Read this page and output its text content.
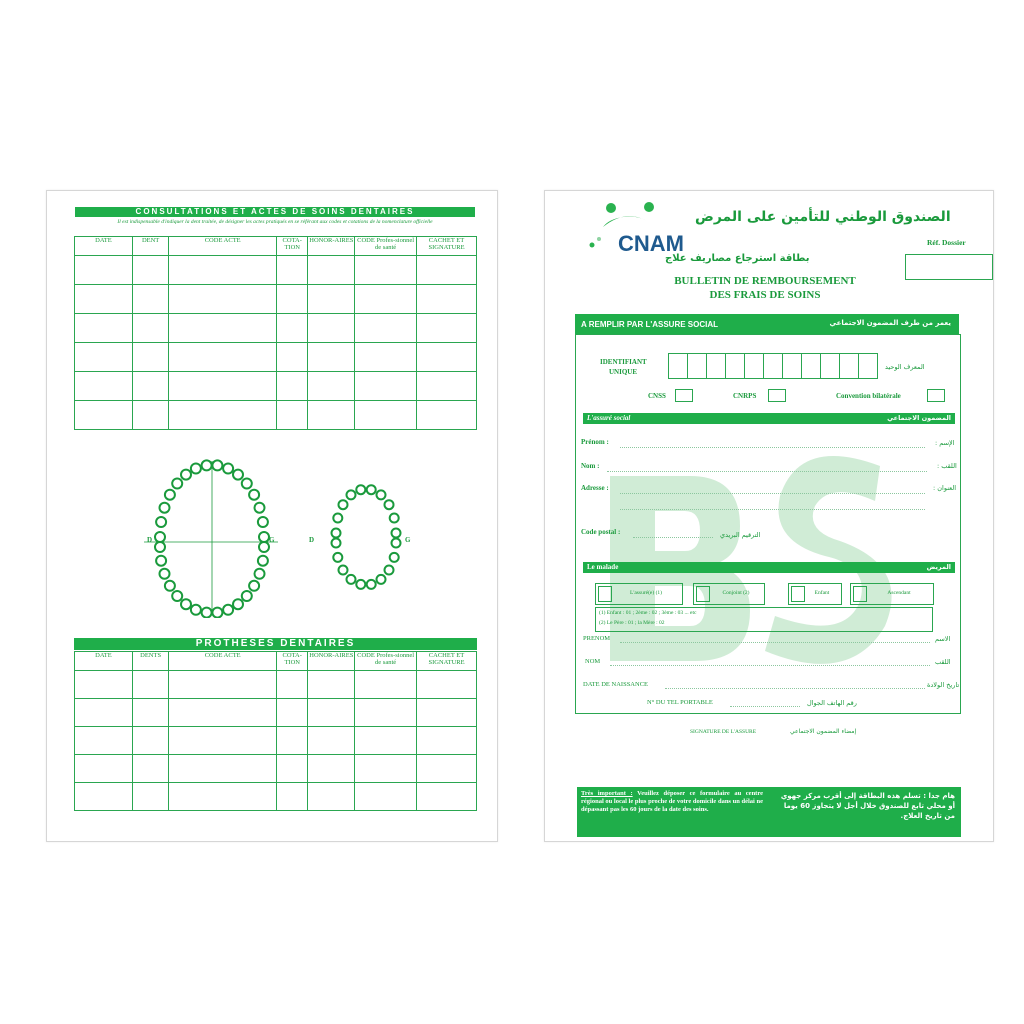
CONSULTATIONS ET ACTES DE SOINS DENTAIRES
Il est indispensable d'indiquer la dent traitée, de désigner les actes pratiqués en se référant aux codes et cotations de la nomenclature officielle
DATE	DENT	CODE ACTE	COTA-TION	HONOR-AIRES	CODE Profes-sionnel de santé	CACHET ET SIGNATURE

D	G	D	G
PROTHESES DENTAIRES
DATE	DENTS	CODE ACTE	COTA-TION	HONOR-AIRES	CODE Profes-sionnel de santé	CACHET ET SIGNATURE

CNAM
الصندوق الوطني للتأمين على المرض
Réf. Dossier
بطاقة استرجاع مصاريف علاج
BULLETIN DE REMBOURSEMENT
DES FRAIS DE SOINS
A REMPLIR PAR L'ASSURE SOCIAL	يعمر من طرف المضمون الاجتماعي
IDENTIFIANT
UNIQUE
المعرف الوحيد
CNSS	CNRPS	Convention bilatérale
L'assuré social	المضمون الاجتماعي
Prénom :	الإسم :
Nom :	اللقب :
Adresse :	العنوان :
Code postal :	الترقيم البريدي
Le malade	المريض
L'assuré(e) (1)	Conjoint (2)	Enfant	Ascendant
(1) Enfant : 01 ; 2ème : 02 ; 3ème : 03 ... etc
(2) Le Père : 01 ; la Mère : 02
PRENOM	الاسم
NOM	اللقب
DATE DE NAISSANCE	تاريخ الولادة
N° DU TEL PORTABLE	رقم الهاتف الجوال
SIGNATURE DE L'ASSURE	إمضاء المضمون الاجتماعي
Très important : Veuillez déposer ce formulaire au centre régional ou local le plus proche de votre domicile dans un délai ne dépassant pas les 60 jours de la date des soins.
هام جدا : تسلم هذه البطاقة إلى أقرب مركز جهوي أو محلي تابع للصندوق خلال أجل لا يتجاوز 60 يوما من تاريخ العلاج.
